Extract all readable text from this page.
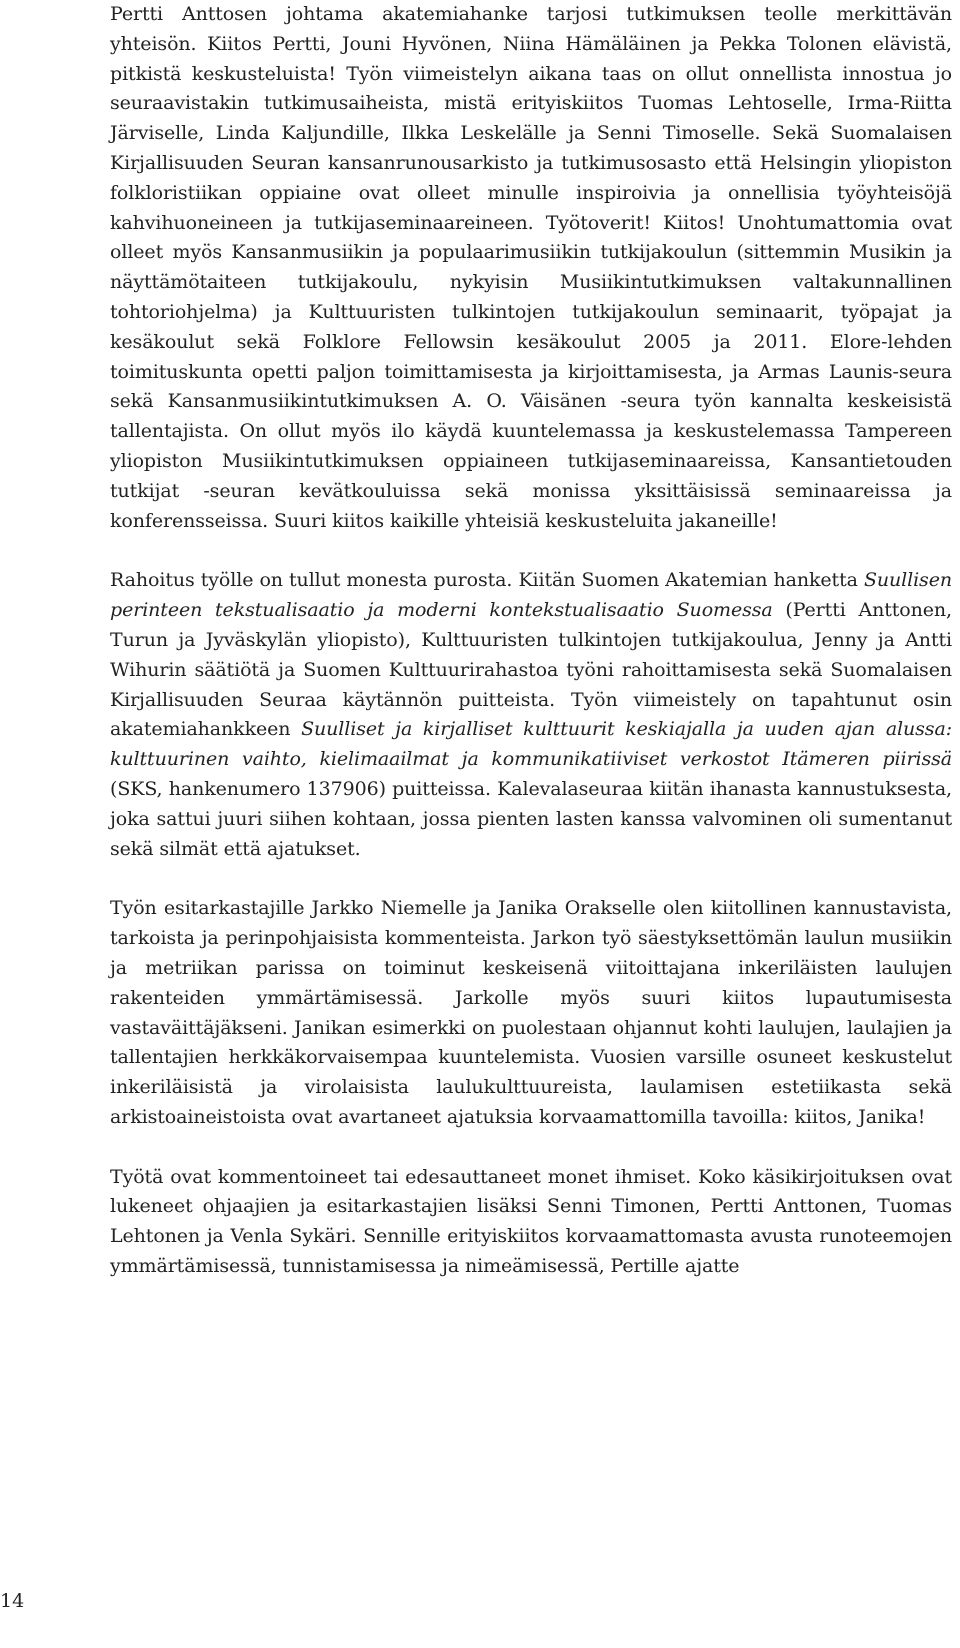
Pertti Anttosen johtama akatemiahanke tarjosi tutkimuksen teolle merkittävän yhteisön. Kiitos Pertti, Jouni Hyvönen, Niina Hämäläinen ja Pekka Tolonen elävistä, pitkistä keskusteluista! Työn viimeistelyn aikana taas on ollut onnellista innostua jo seuraavistakin tutkimusaiheista, mistä erityiskiitos Tuomas Lehtoselle, Irma-Riitta Järviselle, Linda Kaljundille, Ilkka Leskelälle ja Senni Timoselle. Sekä Suomalaisen Kirjallisuuden Seuran kansanrunousarkisto ja tutkimusosasto että Helsingin yliopiston folkloristiikan oppiaine ovat olleet minulle inspiroivia ja onnellisia työyhteisöjä kahvihuoneineen ja tutkijaseminaareineen. Työtoverit! Kiitos! Unohtumattomia ovat olleet myös Kansanmusiikin ja populaarimusiikin tutkijakoulun (sittemmin Musikin ja näyttämötaiteen tutkijakoulu, nykyisin Musiikintutkimuksen valtakunnallinen tohtoriohjelma) ja Kulttuuristen tulkintojen tutkijakoulun seminaarit, työpajat ja kesäkoulut sekä Folklore Fellowsin kesäkoulut 2005 ja 2011. Elore-lehden toimituskunta opetti paljon toimittamisesta ja kirjoittamisesta, ja Armas Launis-seura sekä Kansanmusiikintutkimuksen A. O. Väisänen -seura työn kannalta keskeisistä tallentajista. On ollut myös ilo käydä kuuntelemassa ja keskustelemassa Tampereen yliopiston Musiikintutkimuksen oppiaineen tutkijaseminaareissa, Kansantietouden tutkijat -seuran kevätkouluissa sekä monissa yksittäisissä seminaareissa ja konferensseissa. Suuri kiitos kaikille yhteisiä keskusteluita jakaneille!

Rahoitus työlle on tullut monesta purosta. Kiitän Suomen Akatemian hanketta Suullisen perinteen tekstualisaatio ja moderni kontekstualisaatio Suomessa (Pertti Anttonen, Turun ja Jyväskylän yliopisto), Kulttuuristen tulkintojen tutkijakoulua, Jenny ja Antti Wihurin säätiötä ja Suomen Kulttuurirahastoa työni rahoittamisesta sekä Suomalaisen Kirjallisuuden Seuraa käytännön puitteista. Työn viimeistely on tapahtunut osin akatemiahankkeen Suulliset ja kirjalliset kulttuurit keskiajalla ja uuden ajan alussa: kulttuurinen vaihto, kielimaailmat ja kommunikatiiviset verkostot Itämeren piirissä (SKS, hankenumero 137906) puitteissa. Kalevalaseuraa kiitän ihanasta kannustuksesta, joka sattui juuri siihen kohtaan, jossa pienten lasten kanssa valvominen oli sumentanut sekä silmät että ajatukset.

Työn esitarkastajille Jarkko Niemelle ja Janika Orakselle olen kiitollinen kannustavista, tarkoista ja perinpohjaisista kommenteista. Jarkon työ säestyksettömän laulun musiikin ja metriikan parissa on toiminut keskeisenä viitoittajana inkeriläisten laulujen rakenteiden ymmärtämisessä. Jarkolle myös suuri kiitos lupautumisesta vastaväittäjäkseni. Janikan esimerkki on puolestaan ohjannut kohti laulujen, laulajien ja tallentajien herkkäkorvaisempaa kuuntelemista. Vuosien varsille osuneet keskustelut inkeriläisistä ja virolaisista laulukulttuureista, laulamisen estetiikasta sekä arkistoaineistoista ovat avartaneet ajatuksia korvaamattomilla tavoilla: kiitos, Janika!

Työtä ovat kommentoineet tai edesauttaneet monet ihmiset. Koko käsikirjoituksen ovat lukeneet ohjaajien ja esitarkastajien lisäksi Senni Timonen, Pertti Anttonen, Tuomas Lehtonen ja Venla Sykäri. Sennille erityiskiitos korvaamattomasta avusta runoteemojen ymmärtämisessä, tunnistamisessa ja nimeämisessä, Pertille ajatte

14
